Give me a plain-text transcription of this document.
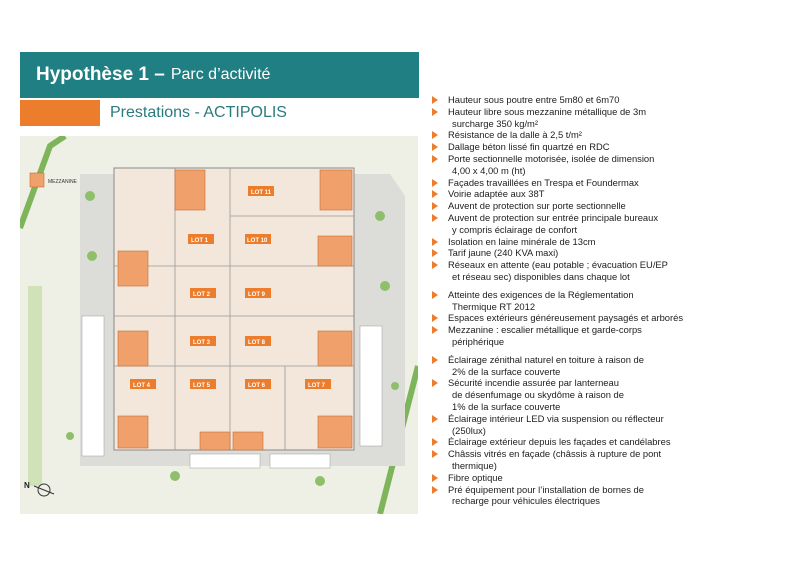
Hypothèse 1 – Parc d’activité
Prestations - ACTIPOLIS
MEZZANINE
LOT 11
LOT 1	LOT 10
LOT 2	LOT 9
LOT 3	LOT 8
LOT 4	LOT 5	LOT 6	LOT 7
N
Hauteur sous poutre entre 5m80 et 6m70
Hauteur libre sous mezzanine métallique de 3m
surcharge 350 kg/m²
Résistance de la dalle à 2,5 t/m²
Dallage béton lissé fin quartzé en RDC
Porte sectionnelle motorisée, isolée de dimension
4,00 x 4,00 m (ht)
Façades travaillées en Trespa et Foundermax
Voirie adaptée aux 38T
Auvent de protection sur porte sectionnelle
Auvent de protection sur entrée principale bureaux
y compris éclairage de confort
Isolation en laine minérale de 13cm
Tarif jaune (240 KVA maxi)
Réseaux en attente (eau potable ; évacuation EU/EP
et réseau sec) disponibles dans chaque lot
Atteinte des exigences de la Réglementation
Thermique RT 2012
Espaces extérieurs généreusement paysagés et arborés
Mezzanine : escalier métallique et garde-corps
périphérique
Éclairage zénithal naturel en toiture à raison de
2% de la surface couverte
Sécurité incendie assurée par lanterneau
de désenfumage ou skydôme à raison de
1% de la surface couverte
Éclairage intérieur LED via suspension ou réflecteur
(250lux)
Éclairage extérieur depuis les façades et candélabres
Châssis vitrés en façade (châssis à rupture de pont
thermique)
Fibre optique
Pré équipement pour l’installation de bornes de
recharge pour véhicules électriques
